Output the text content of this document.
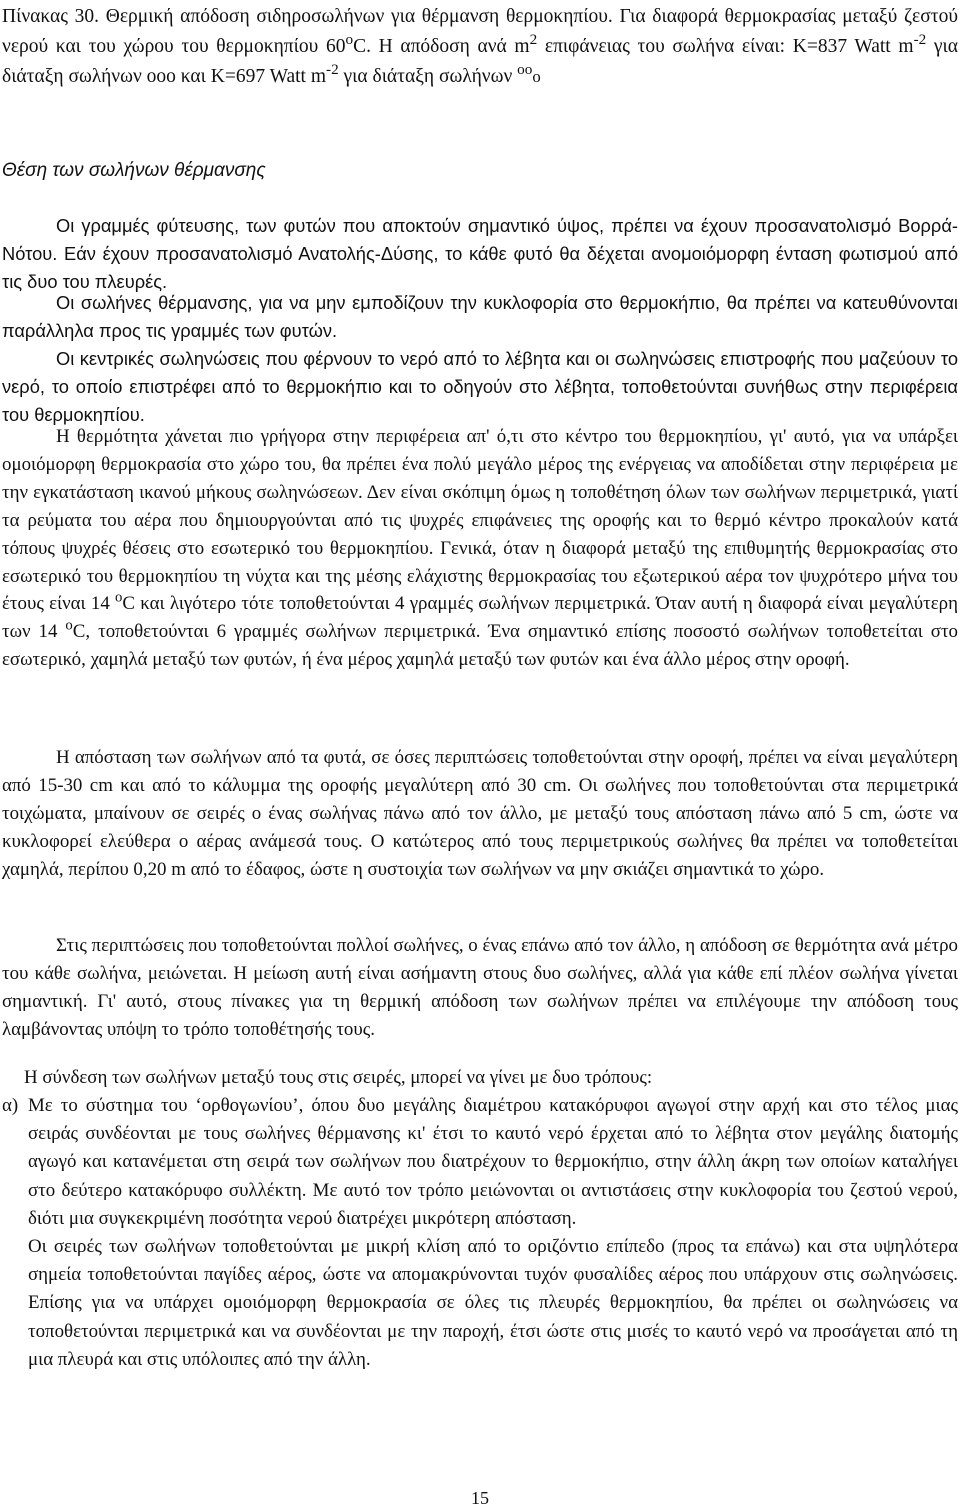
Πίνακας 30. Θερμική απόδοση σιδηροσωλήνων για θέρμανση θερμοκηπίου. Για διαφορά θερμοκρασίας μεταξύ ζεστού νερού και του χώρου του θερμοκηπίου $60^oC$. Η απόδοση ανά $m^2$ επιφάνειας του σωλήνα είναι: K=837 Watt $m^{-2}$ για διάταξη σωλήνων οοο και K=697 Watt $m^{-2}$ για διάταξη σωλήνων $^{oo}$ο

Θέση των σωλήνων θέρμανσης

Οι γραμμές φύτευσης, των φυτών που αποκτούν σημαντικό ύψος, πρέπει να έχουν προσανατολισμό Βορρά-Νότου. Εάν έχουν προσανατολισμό Ανατολής-Δύσης, το κάθε φυτό θα δέχεται ανομοιόμορφη ένταση φωτισμού από τις δυο του πλευρές.

Οι σωλήνες θέρμανσης, για να μην εμποδίζουν την κυκλοφορία στο θερμοκήπιο, θα πρέπει να κατευθύνονται παράλληλα προς τις γραμμές των φυτών.

Οι κεντρικές σωληνώσεις που φέρνουν το νερό από το λέβητα και οι σωληνώσεις επιστροφής που μαζεύουν το νερό, το οποίο επιστρέφει από το θερμοκήπιο και το οδηγούν στο λέβητα, τοποθετούνται συνήθως στην περιφέρεια του θερμοκηπίου.

Η θερμότητα χάνεται πιο γρήγορα στην περιφέρεια απ' ό,τι στο κέντρο του θερμοκηπίου, γι' αυτό, για να υπάρξει ομοιόμορφη θερμοκρασία στο χώρο του, θα πρέπει ένα πολύ μεγάλο μέρος της ενέργειας να αποδίδεται στην περιφέρεια με την εγκατάσταση ικανού μήκους σωληνώσεων. Δεν είναι σκόπιμη όμως η τοποθέτηση όλων των σωλήνων περιμετρικά, γιατί τα ρεύματα του αέρα που δημιουργούνται από τις ψυχρές επιφάνειες της οροφής και το θερμό κέντρο προκαλούν κατά τόπους ψυχρές θέσεις στο εσωτερικό του θερμοκηπίου. Γενικά, όταν η διαφορά μεταξύ της επιθυμητής θερμοκρασίας στο εσωτερικό του θερμοκηπίου τη νύχτα και της μέσης ελάχιστης θερμοκρασίας του εξωτερικού αέρα τον ψυχρότερο μήνα του έτους είναι 14 $^o$C και λιγότερο τότε τοποθετούνται 4 γραμμές σωλήνων περιμετρικά. Όταν αυτή η διαφορά είναι μεγαλύτερη των 14 $^o$C, τοποθετούνται 6 γραμμές σωλήνων περιμετρικά. Ένα σημαντικό επίσης ποσοστό σωλήνων τοποθετείται στο εσωτερικό, χαμηλά μεταξύ των φυτών, ή ένα μέρος χαμηλά μεταξύ των φυτών και ένα άλλο μέρος στην οροφή.

Η απόσταση των σωλήνων από τα φυτά, σε όσες περιπτώσεις τοποθετούνται στην οροφή, πρέπει να είναι μεγαλύτερη από 15-30 cm και από το κάλυμμα της οροφής μεγαλύτερη από 30 cm. Οι σωλήνες που τοποθετούνται στα περιμετρικά τοιχώματα, μπαίνουν σε σειρές ο ένας σωλήνας πάνω από τον άλλο, με μεταξύ τους απόσταση πάνω από 5 cm, ώστε να κυκλοφορεί ελεύθερα ο αέρας ανάμεσά τους. Ο κατώτερος από τους περιμετρικούς σωλήνες θα πρέπει να τοποθετείται χαμηλά, περίπου 0,20 m από το έδαφος, ώστε η συστοιχία των σωλήνων να μην σκιάζει σημαντικά το χώρο.

Στις περιπτώσεις που τοποθετούνται πολλοί σωλήνες, ο ένας επάνω από τον άλλο, η απόδοση σε θερμότητα ανά μέτρο του κάθε σωλήνα, μειώνεται. Η μείωση αυτή είναι ασήμαντη στους δυο σωλήνες, αλλά για κάθε επί πλέον σωλήνα γίνεται σημαντική. Γι' αυτό, στους πίνακες για τη θερμική απόδοση των σωλήνων πρέπει να επιλέγουμε την απόδοση τους λαμβάνοντας υπόψη το τρόπο τοποθέτησής τους.

Η σύνδεση των σωλήνων μεταξύ τους στις σειρές, μπορεί να γίνει με δυο τρόπους:

α) Με το σύστημα του ‘ορθογωνίου’, όπου δυο μεγάλης διαμέτρου κατακόρυφοι αγωγοί στην αρχή και στο τέλος μιας σειράς συνδέονται με τους σωλήνες θέρμανσης κι' έτσι το καυτό νερό έρχεται από το λέβητα στον μεγάλης διατομής αγωγό και κατανέμεται στη σειρά των σωλήνων που διατρέχουν το θερμοκήπιο, στην άλλη άκρη των οποίων καταλήγει στο δεύτερο κατακόρυφο συλλέκτη. Με αυτό τον τρόπο μειώνονται οι αντιστάσεις στην κυκλοφορία του ζεστού νερού, διότι μια συγκεκριμένη ποσότητα νερού διατρέχει μικρότερη απόσταση.

Οι σειρές των σωλήνων τοποθετούνται με μικρή κλίση από το οριζόντιο επίπεδο (προς τα επάνω) και στα υψηλότερα σημεία τοποθετούνται παγίδες αέρος, ώστε να απομακρύνονται τυχόν φυσαλίδες αέρος που υπάρχουν στις σωληνώσεις. Επίσης για να υπάρχει ομοιόμορφη θερμοκρασία σε όλες τις πλευρές θερμοκηπίου, θα πρέπει οι σωληνώσεις να τοποθετούνται περιμετρικά και να συνδέονται με την παροχή, έτσι ώστε στις μισές το καυτό νερό να προσάγεται από τη μια πλευρά και στις υπόλοιπες από την άλλη.

15
